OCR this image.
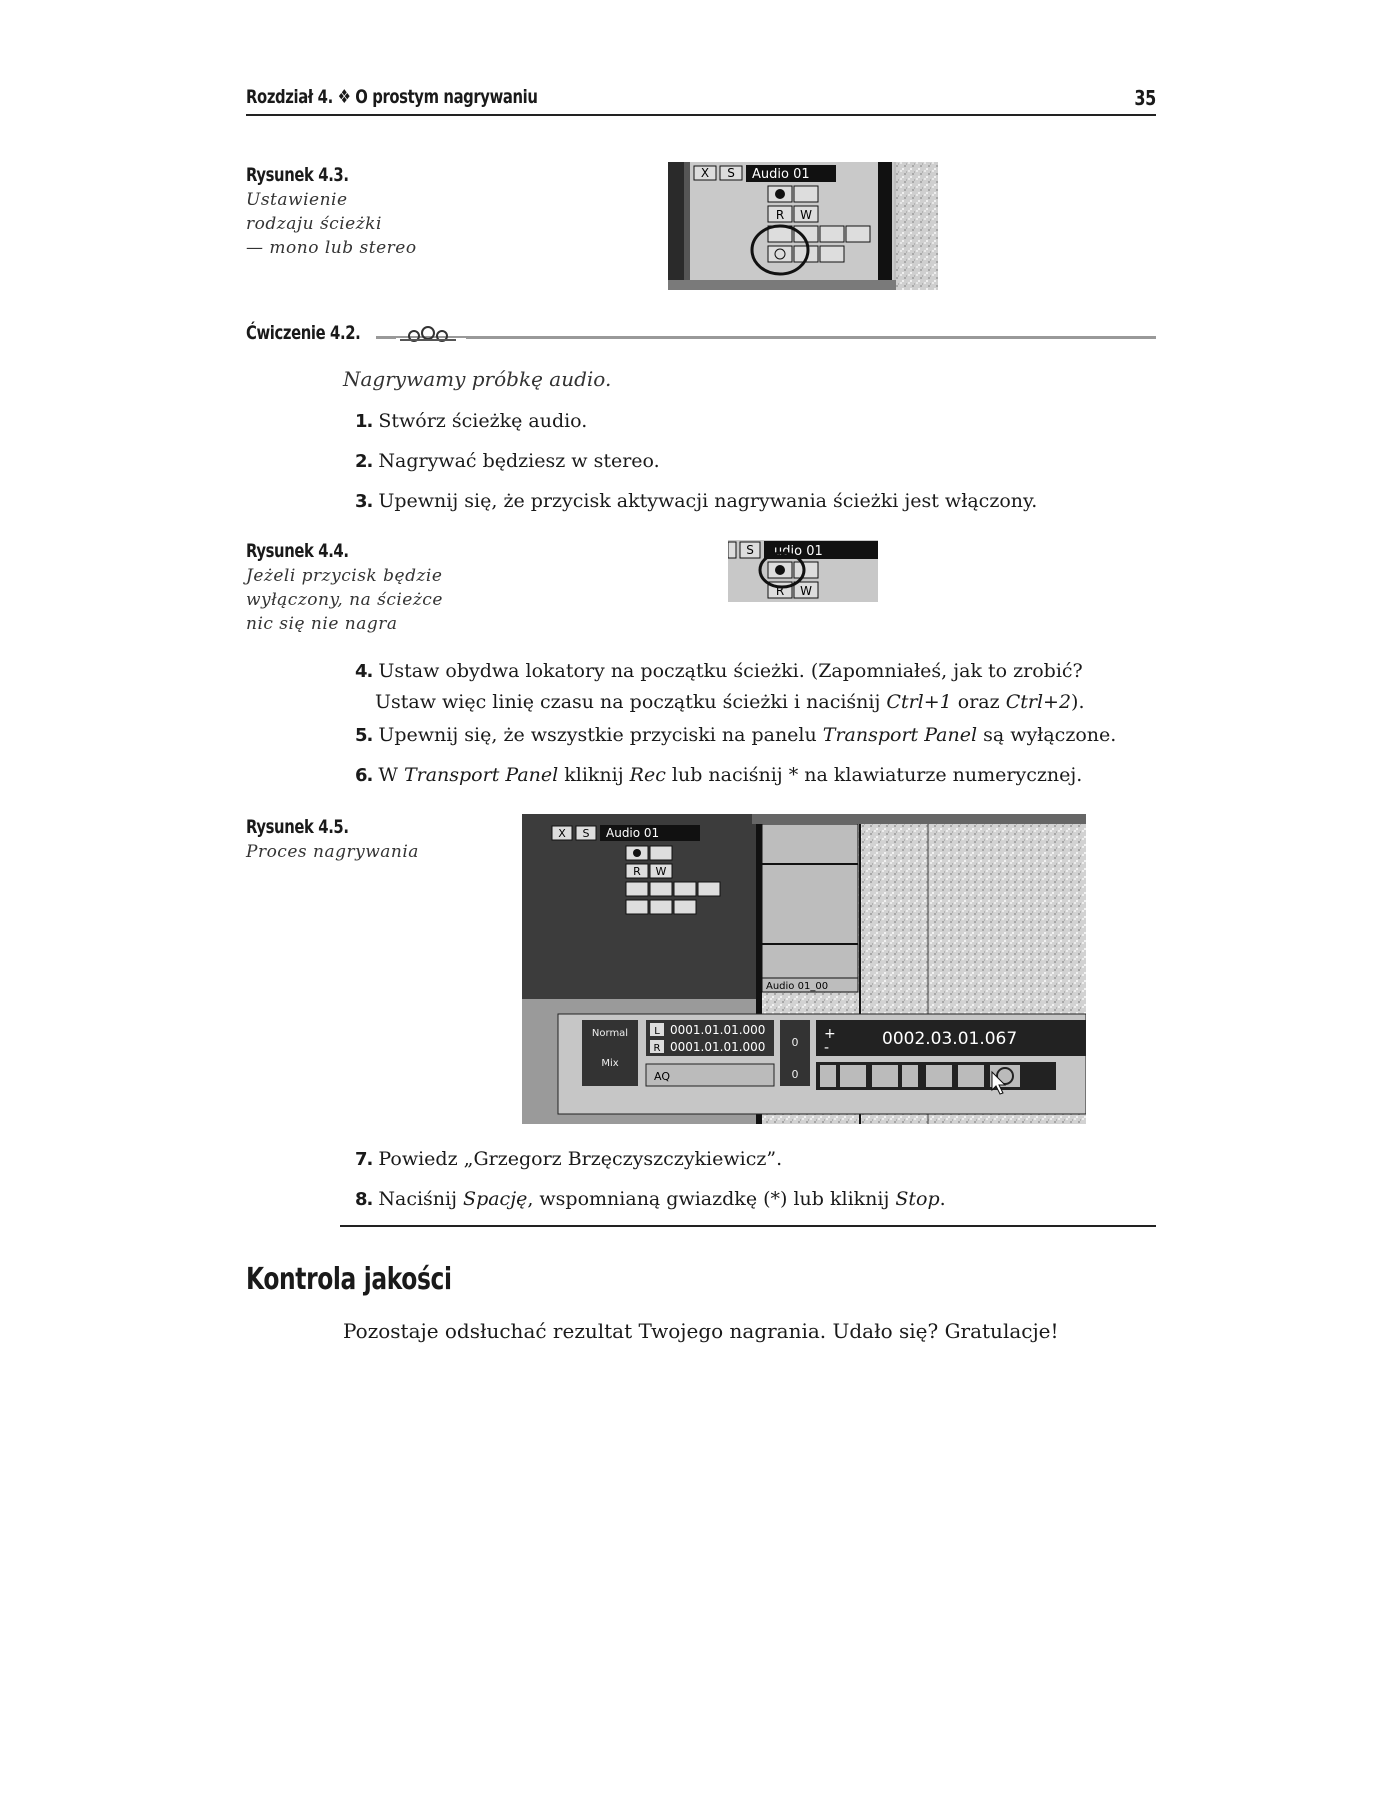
Rozdział 4. ❖ O prostym nagrywaniu	35
Rysunek 4.3.
Ustawienie
rodzaju ścieżki
— mono lub stereo
X S Audio 01
R W
Ćwiczenie 4.2.
Nagrywamy próbkę audio.
1. Stwórz ścieżkę audio.
2. Nagrywać będziesz w stereo.
3. Upewnij się, że przycisk aktywacji nagrywania ścieżki jest włączony.
Rysunek 4.4.
Jeżeli przycisk będzie
wyłączony, na ścieżce
nic się nie nagra
S udio 01
R W
4. Ustaw obydwa lokatory na początku ścieżki. (Zapomniałeś, jak to zrobić?
Ustaw więc linię czasu na początku ścieżki i naciśnij Ctrl+1 oraz Ctrl+2).
5. Upewnij się, że wszystkie przyciski na panelu Transport Panel są wyłączone.
6. W Transport Panel kliknij Rec lub naciśnij * na klawiaturze numerycznej.
Rysunek 4.5.
Proces nagrywania
Audio 01_00
X S Audio 01
R W
Normal
Mix
L
R
0001.01.01.000
0001.01.01.000
AQ
0
0
+
-	0002.03.01.067
7. Powiedz „Grzegorz Brzęczyszczykiewicz”.
8. Naciśnij Spację, wspomnianą gwiazdkę (*) lub kliknij Stop.
Kontrola jakości
Pozostaje odsłuchać rezultat Twojego nagrania. Udało się? Gratulacje!
